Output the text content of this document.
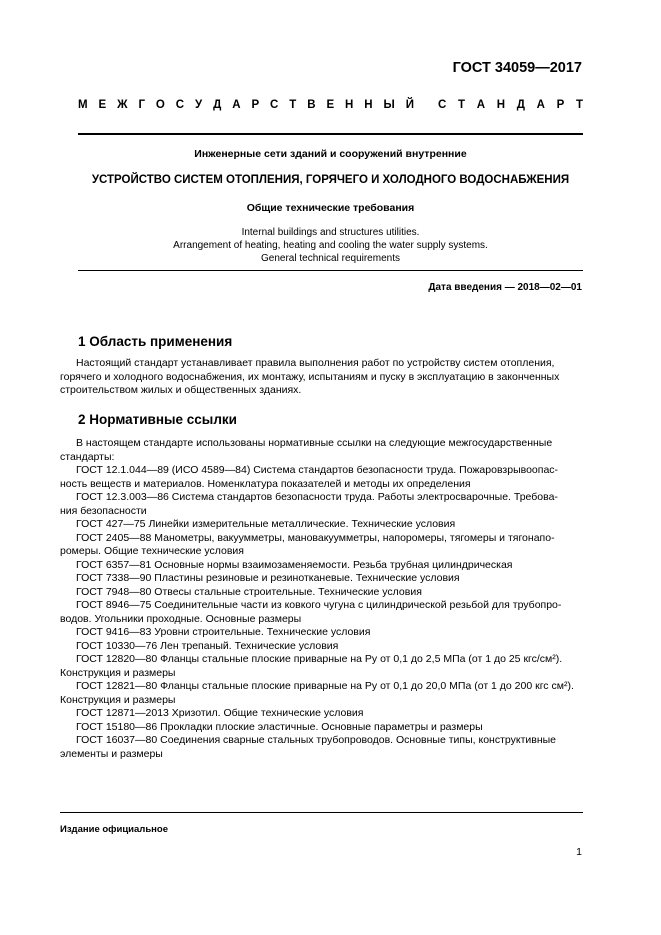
ГОСТ 34059—2017
М Е Ж Г О С У Д А Р С Т В Е Н Н Ы Й С Т А Н Д А Р Т
Инженерные сети зданий и сооружений внутренние
УСТРОЙСТВО СИСТЕМ ОТОПЛЕНИЯ, ГОРЯЧЕГО И ХОЛОДНОГО ВОДОСНАБЖЕНИЯ
Общие технические требования
Internal buildings and structures utilities.
Arrangement of heating, heating and cooling the water supply systems.
General technical requirements
Дата введения — 2018—02—01
1 Область применения
Настоящий стандарт устанавливает правила выполнения работ по устройству систем отопления,
горячего и холодного водоснабжения, их монтажу, испытаниям и пуску в эксплуатацию в законченных
строительством жилых и общественных зданиях.
2 Нормативные ссылки
В настоящем стандарте использованы нормативные ссылки на следующие межгосударственные
стандарты:
ГОСТ 12.1.044—89 (ИСО 4589—84) Система стандартов безопасности труда. Пожаровзрывоопас-
ность веществ и материалов. Номенклатура показателей и методы их определения
ГОСТ 12.3.003—86 Система стандартов безопасности труда. Работы электросварочные. Требова-
ния безопасности
ГОСТ 427—75 Линейки измерительные металлические. Технические условия
ГОСТ 2405—88 Манометры, вакуумметры, мановакуумметры, напоромеры, тягомеры и тягонапо-
ромеры. Общие технические условия
ГОСТ 6357—81 Основные нормы взаимозаменяемости. Резьба трубная цилиндрическая
ГОСТ 7338—90 Пластины резиновые и резинотканевые. Технические условия
ГОСТ 7948—80 Отвесы стальные строительные. Технические условия
ГОСТ 8946—75 Соединительные части из ковкого чугуна с цилиндрической резьбой для трубопро-
водов. Угольники проходные. Основные размеры
ГОСТ 9416—83 Уровни строительные. Технические условия
ГОСТ 10330—76 Лен трепаный. Технические условия
ГОСТ 12820—80 Фланцы стальные плоские приварные на Pу от 0,1 до 2,5 МПа (от 1 до 25 кгс/см²).
Конструкция и размеры
ГОСТ 12821—80 Фланцы стальные плоские приварные на Pу от 0,1 до 20,0 МПа (от 1 до 200 кгс см²).
Конструкция и размеры
ГОСТ 12871—2013 Хризотил. Общие технические условия
ГОСТ 15180—86 Прокладки плоские эластичные. Основные параметры и размеры
ГОСТ 16037—80 Соединения сварные стальных трубопроводов. Основные типы, конструктивные
элементы и размеры
Издание официальное
1
